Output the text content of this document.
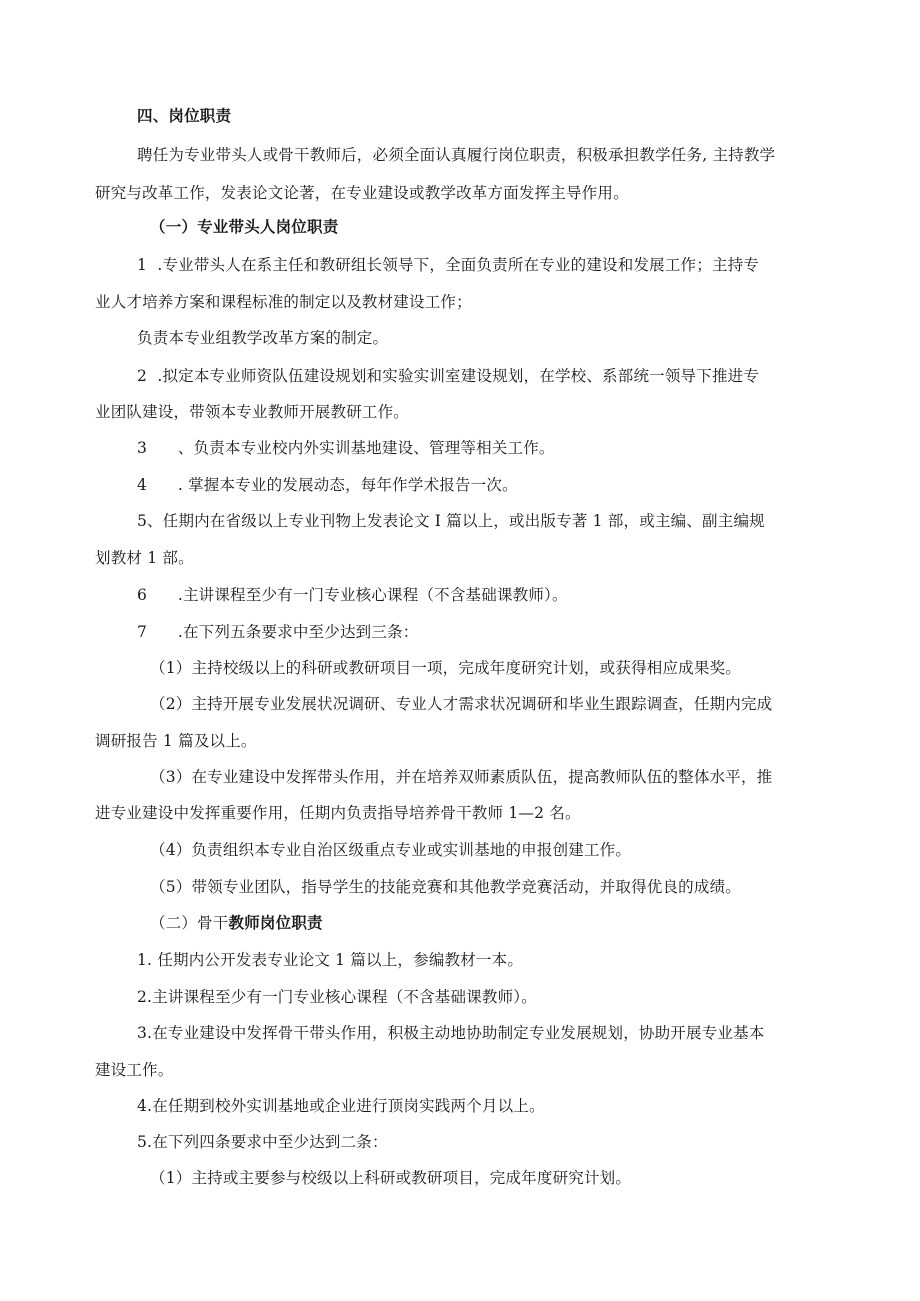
四、岗位职责
聘任为专业带头人或骨干教师后，必须全面认真履行岗位职责，积极承担教学任务, 主持教学
研究与改革工作，发表论文论著，在专业建设或教学改革方面发挥主导作用。
（一）专业带头人岗位职责
1  .专业带头人在系主任和教研组长领导下，全面负责所在专业的建设和发展工作；主持专
业人才培养方案和课程标准的制定以及教材建设工作；
负责本专业组教学改革方案的制定。
2  .拟定本专业师资队伍建设规划和实验实训室建设规划，在学校、系部统一领导下推进专
业团队建设，带领本专业教师开展教研工作。
3      、负责本专业校内外实训基地建设、管理等相关工作。
4      . 掌握本专业的发展动态，每年作学术报告一次。
5、任期内在省级以上专业刊物上发表论文 I 篇以上，或出版专著 1 部，或主编、副主编规
划教材 1 部。
6      .主讲课程至少有一门专业核心课程（不含基础课教师）。
7      .在下列五条要求中至少达到三条：
（1）主持校级以上的科研或教研项目一项，完成年度研究计划，或获得相应成果奖。
（2）主持开展专业发展状况调研、专业人才需求状况调研和毕业生跟踪调查，任期内完成
调研报告 1 篇及以上。
（3）在专业建设中发挥带头作用，并在培养双师素质队伍，提高教师队伍的整体水平，推
进专业建设中发挥重要作用，任期内负责指导培养骨干教师 1—2 名。
（4）负责组织本专业自治区级重点专业或实训基地的申报创建工作。
（5）带领专业团队，指导学生的技能竞赛和其他教学竞赛活动，并取得优良的成绩。
（二）骨干教师岗位职责
1. 任期内公开发表专业论文 1 篇以上，参编教材一本。
2.主讲课程至少有一门专业核心课程（不含基础课教师）。
3.在专业建设中发挥骨干带头作用，积极主动地协助制定专业发展规划，协助开展专业基本
建设工作。
4.在任期到校外实训基地或企业进行顶岗实践两个月以上。
5.在下列四条要求中至少达到二条：
（1）主持或主要参与校级以上科研或教研项目，完成年度研究计划。
